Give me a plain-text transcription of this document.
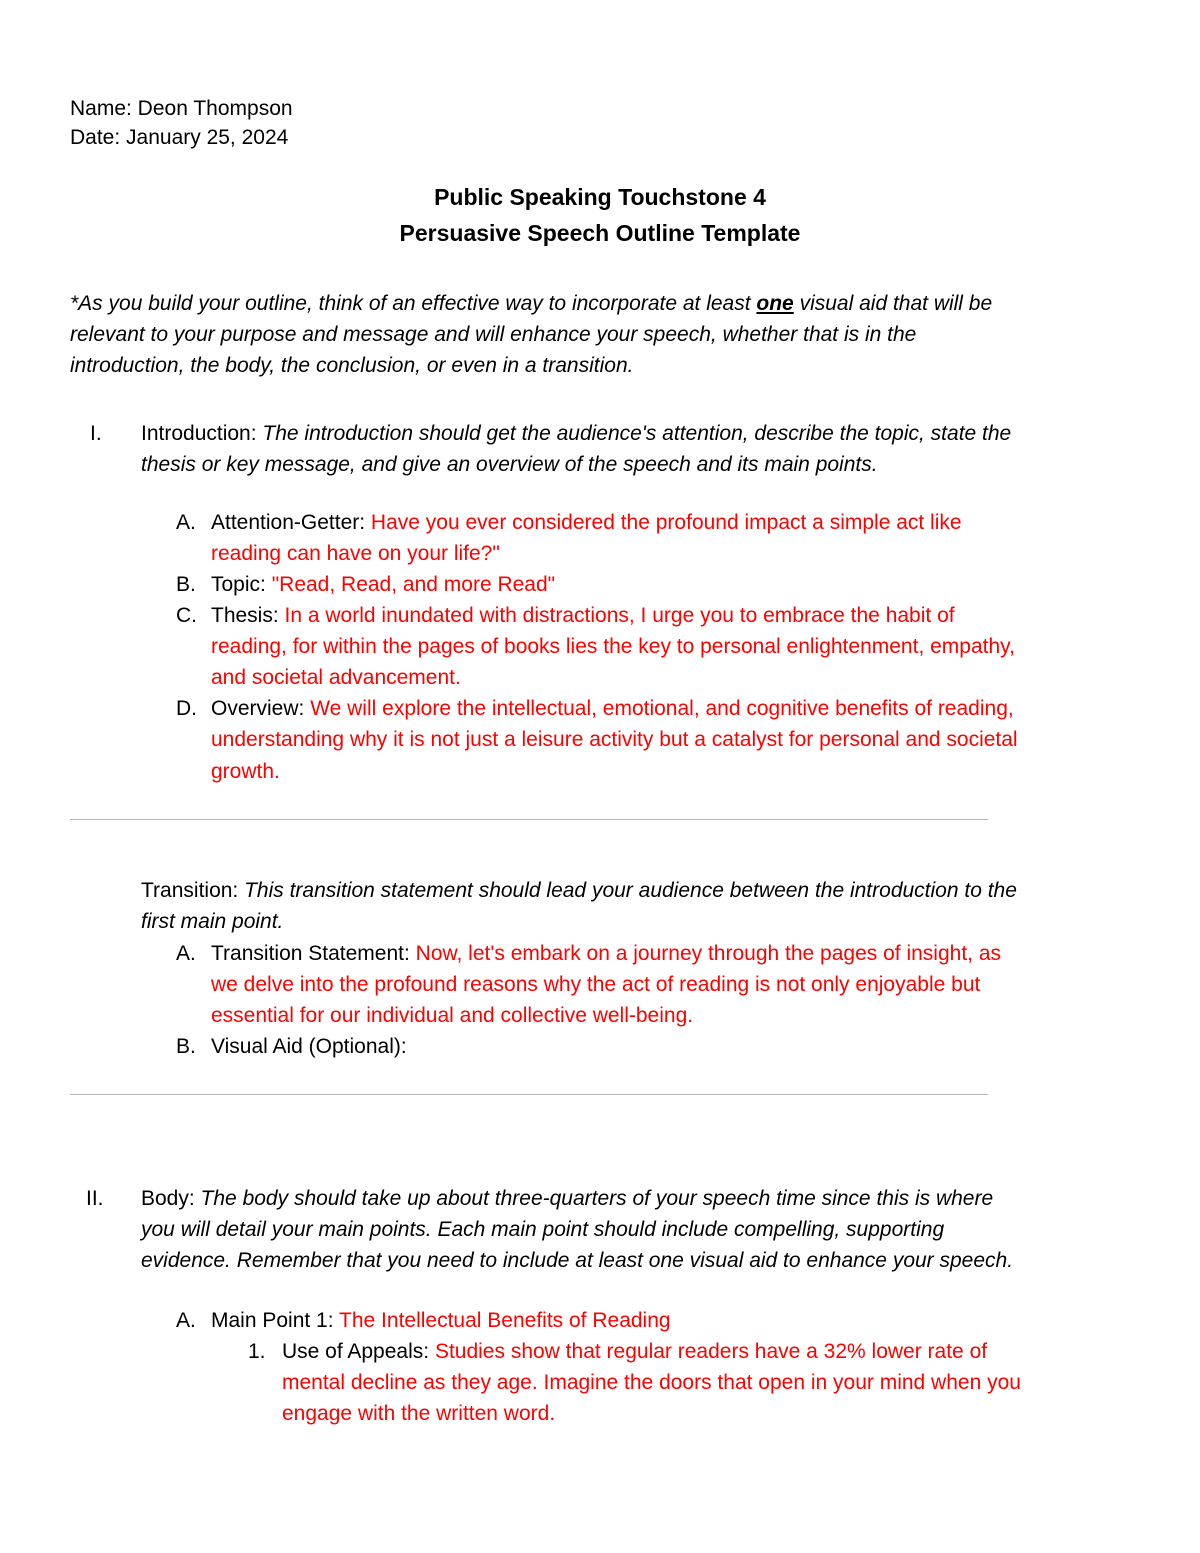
Name: Deon Thompson
Date: January 25, 2024
Public Speaking Touchstone 4
Persuasive Speech Outline Template
*As you build your outline, think of an effective way to incorporate at least one visual aid that will be
relevant to your purpose and message and will enhance your speech, whether that is in the
introduction, the body, the conclusion, or even in a transition.
I. Introduction: The introduction should get the audience's attention, describe the topic, state the
thesis or key message, and give an overview of the speech and its main points.
A. Attention-Getter: Have you ever considered the profound impact a simple act like
reading can have on your life?"
B. Topic: "Read, Read, and more Read"
C. Thesis: In a world inundated with distractions, I urge you to embrace the habit of
reading, for within the pages of books lies the key to personal enlightenment, empathy,
and societal advancement.
D. Overview: We will explore the intellectual, emotional, and cognitive benefits of reading,
understanding why it is not just a leisure activity but a catalyst for personal and societal
growth.
Transition: This transition statement should lead your audience between the introduction to the
first main point.
A. Transition Statement: Now, let's embark on a journey through the pages of insight, as
we delve into the profound reasons why the act of reading is not only enjoyable but
essential for our individual and collective well-being.
B. Visual Aid (Optional):
II. Body: The body should take up about three-quarters of your speech time since this is where
you will detail your main points. Each main point should include compelling, supporting
evidence. Remember that you need to include at least one visual aid to enhance your speech.
A. Main Point 1: The Intellectual Benefits of Reading
1. Use of Appeals: Studies show that regular readers have a 32% lower rate of
mental decline as they age. Imagine the doors that open in your mind when you
engage with the written word.
